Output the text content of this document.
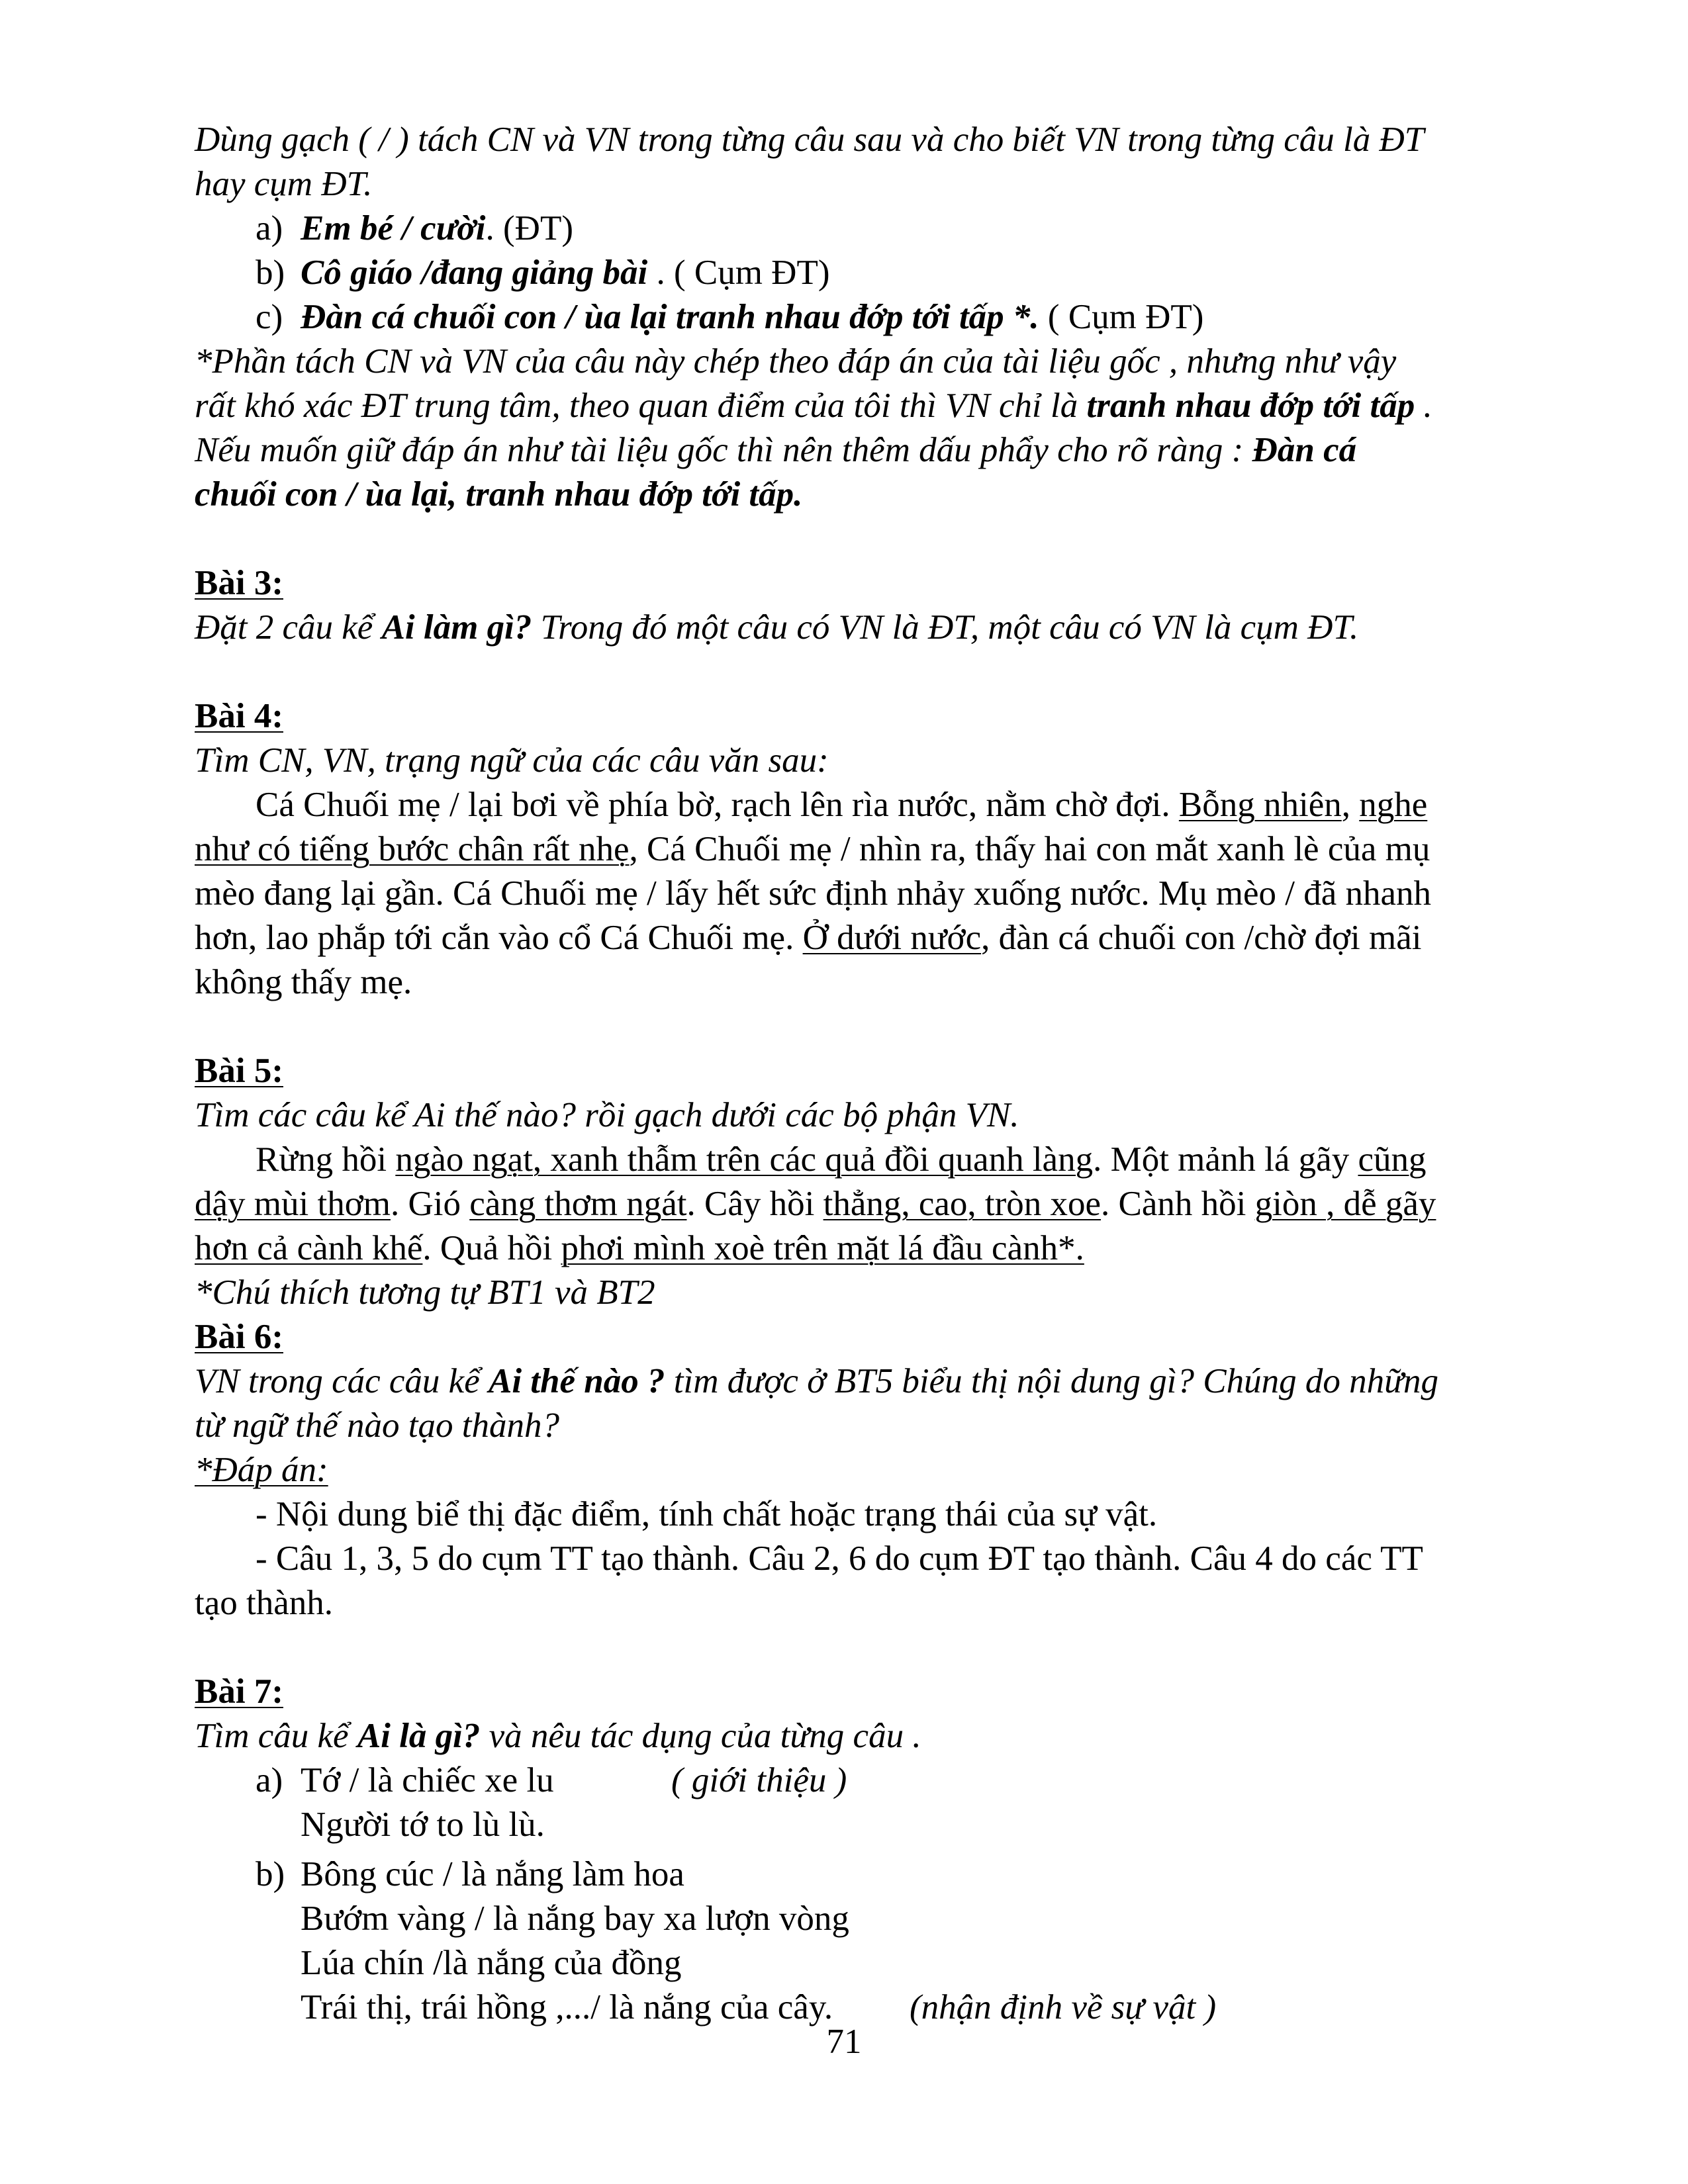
Dùng gạch ( / ) tách CN và VN trong từng câu sau và cho biết VN trong từng câu là ĐT
hay cụm ĐT.
a) Em bé / cười. (ĐT)
b) Cô giáo /đang giảng bài . ( Cụm ĐT)
c) Đàn cá chuối con / ùa lại tranh nhau đớp tới tấp *. ( Cụm ĐT)
*Phần tách CN và VN của câu này chép theo đáp án của tài liệu gốc , nhưng như vậy
rất khó xác ĐT trung tâm, theo quan điểm của tôi thì VN chỉ là tranh nhau đớp tới tấp .
Nếu muốn giữ đáp án như tài liệu gốc thì nên thêm dấu phẩy cho rõ ràng : Đàn cá
chuối con / ùa lại, tranh nhau đớp tới tấp.
Bài 3:
Đặt 2 câu kể Ai làm gì? Trong đó một câu có VN là ĐT, một câu có VN là cụm ĐT.
Bài 4:
Tìm CN, VN, trạng ngữ của các câu văn sau:
Cá Chuối mẹ / lại bơi về phía bờ, rạch lên rìa nước, nằm chờ đợi. Bỗng nhiên, nghe
như có tiếng bước chân rất nhẹ, Cá Chuối mẹ / nhìn ra, thấy hai con mắt xanh lè của mụ
mèo đang lại gần. Cá Chuối mẹ / lấy hết sức định nhảy xuống nước. Mụ mèo / đã nhanh
hơn, lao phắp tới cắn vào cổ Cá Chuối mẹ. Ở dưới nước, đàn cá chuối con /chờ đợi mãi
không thấy mẹ.
Bài 5:
Tìm các câu kể Ai thế nào? rồi gạch dưới các bộ phận VN.
Rừng hồi ngào ngạt, xanh thẫm trên các quả đồi quanh làng. Một mảnh lá gãy cũng
dậy mùi thơm. Gió càng thơm ngát. Cây hồi thẳng, cao, tròn xoe. Cành hồi giòn , dễ gãy
hơn cả cành khế. Quả hồi phơi mình xoè trên mặt lá đầu cành*.
*Chú thích tương tự BT1 và BT2
Bài 6:
VN trong các câu kể Ai thế nào ? tìm được ở BT5 biểu thị nội dung gì? Chúng do những
từ ngữ thế nào tạo thành?
*Đáp án:
- Nội dung biể thị đặc điểm, tính chất hoặc trạng thái của sự vật.
- Câu 1, 3, 5 do cụm TT tạo thành. Câu 2, 6 do cụm ĐT tạo thành. Câu 4 do các TT
tạo thành.
Bài 7:
Tìm câu kể Ai là gì? và nêu tác dụng của từng câu .
a) Tớ / là chiếc xe lu	( giới thiệu )
Người tớ to lù lù.
b) Bông cúc / là nắng làm hoa
Bướm vàng / là nắng bay xa lượn vòng
Lúa chín /là nắng của đồng
Trái thị, trái hồng ,.../ là nắng của cây. (nhận định về sự vật )
71
